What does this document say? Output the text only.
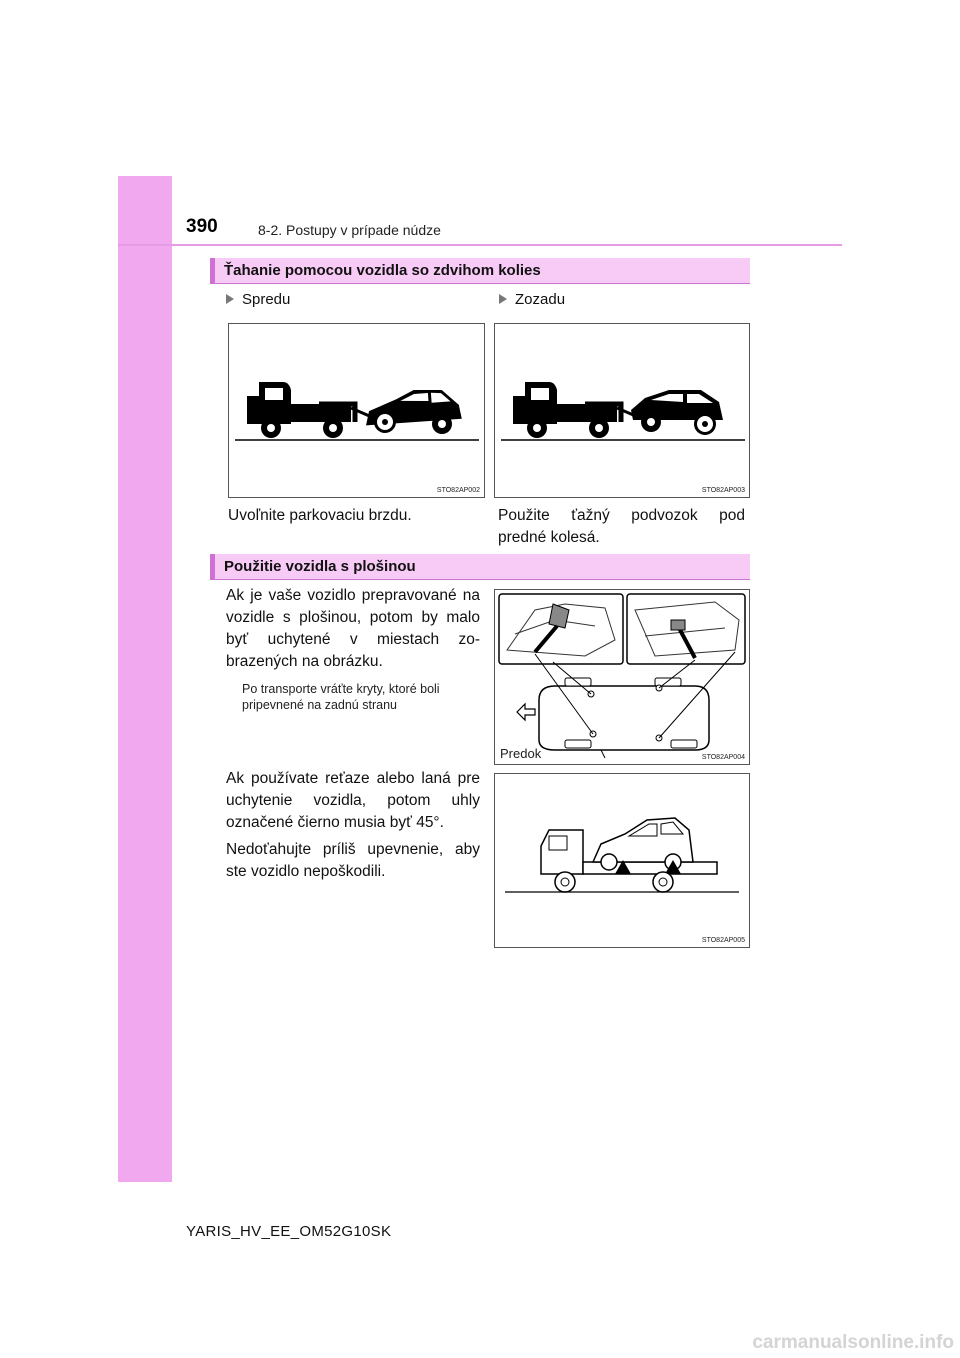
390	8-2. Postupy v prípade núdze
Ťahanie pomocou vozidla so zdvihom kolies
Spredu	Zozadu
STO82AP002	STO82AP003
Uvoľnite parkovaciu brzdu.	Použite ťažný podvozok pod predné kolesá.
Použitie vozidla s plošinou
Ak je vaše vozidlo prepravované na vozidle s plošinou, potom by malo byť uchytené v miestach zo-brazených na obrázku.
Po transporte vráťte kryty, ktoré boli pripevnené na zadnú stranu
Predok	STO82AP004
Ak používate reťaze alebo laná pre uchytenie vozidla, potom uhly označené čierno musia byť 45°.
Nedoťahujte príliš upevnenie, aby ste vozidlo nepoškodili.
STO82AP005
YARIS_HV_EE_OM52G10SK
carmanualsonline.info
